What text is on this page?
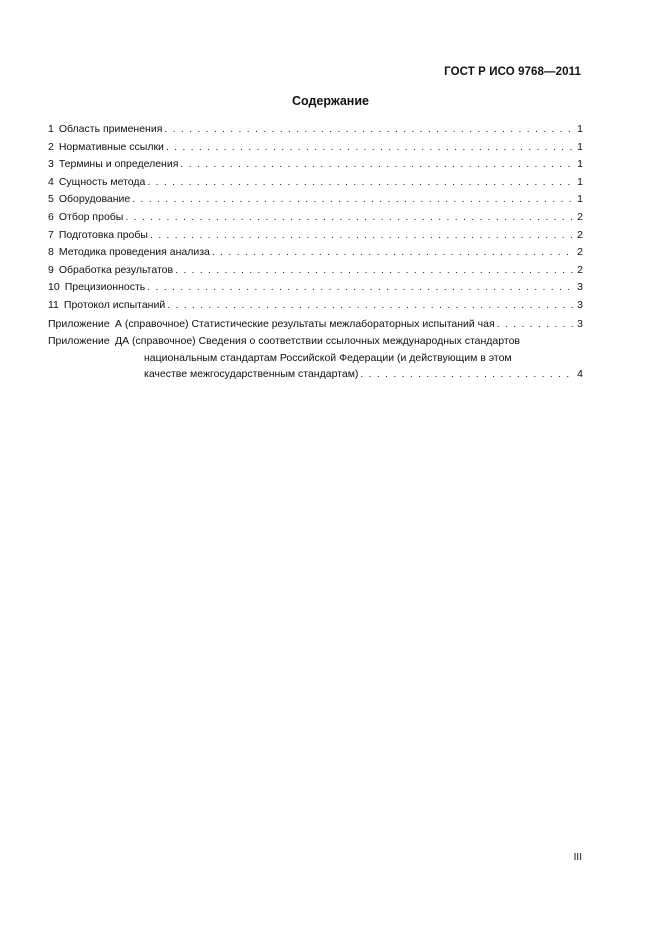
ГОСТ Р ИСО 9768—2011
Содержание
1 Область применения . . .	1
2 Нормативные ссылки . . .	1
3 Термины и определения . . .	1
4 Сущность метода . . .	1
5 Оборудование . . .	1
6 Отбор пробы . . .	2
7 Подготовка пробы . . .	2
8 Методика проведения анализа . . .	2
9 Обработка результатов . . .	2
10 Прецизионность . . .	3
11 Протокол испытаний . . .	3
Приложение А (справочное) Статистические результаты межлабораторных испытаний чая . . .	3
Приложение ДА (справочное) Сведения о соответствии ссылочных международных стандартов
национальным стандартам Российской Федерации (и действующим в этом
качестве межгосударственным стандартам) . . .	4
III
